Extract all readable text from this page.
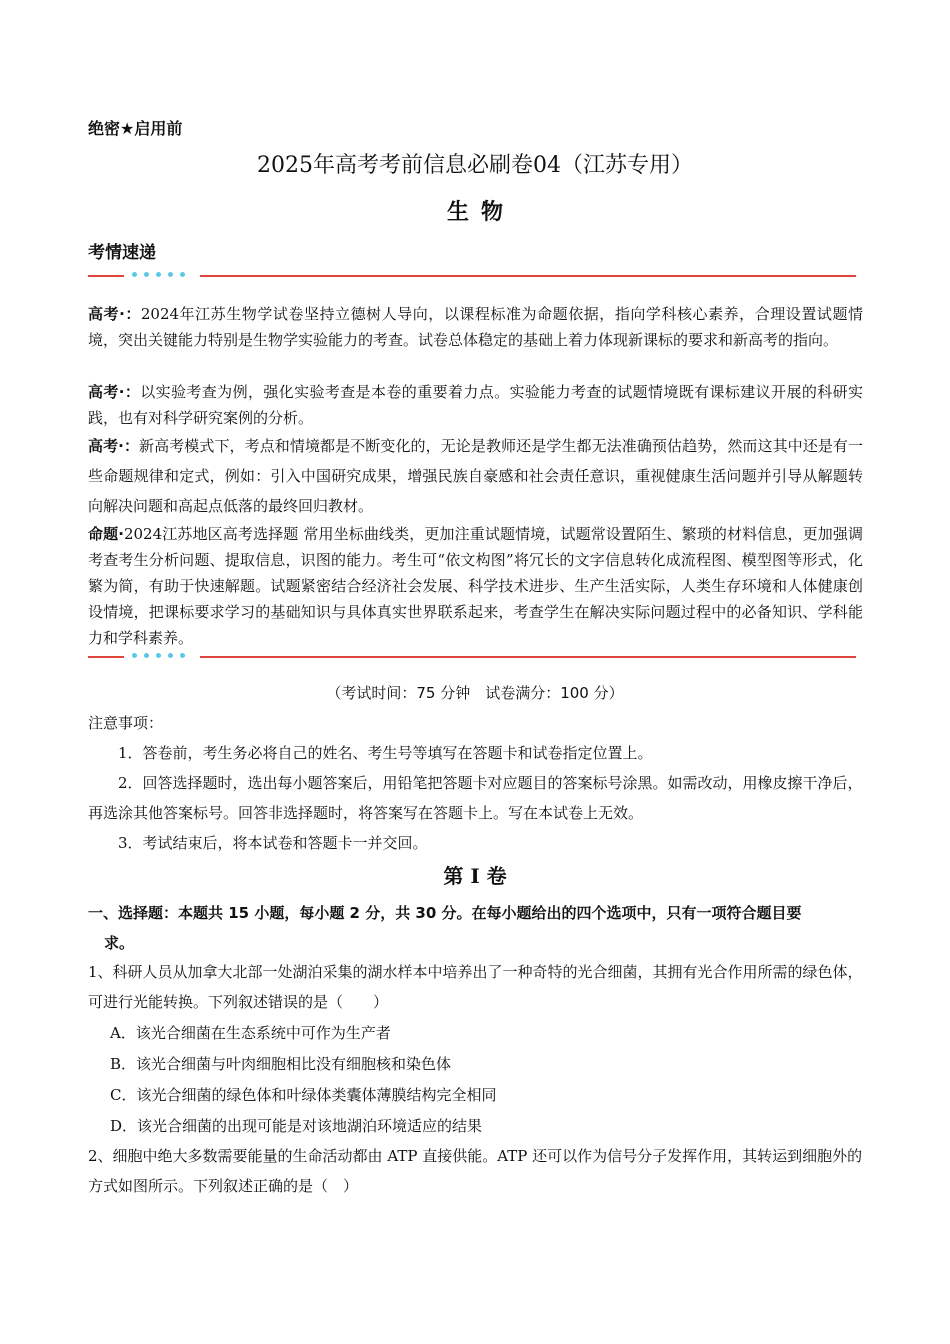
绝密★启用前
2025年高考考前信息必刷卷04（江苏专用）
生物
考情速递
高考·：2024年江苏生物学试卷坚持立德树人导向，以课程标准为命题依据，指向学科核心素养，合理设置试题情境，突出关键能力特别是生物学实验能力的考查。试卷总体稳定的基础上着力体现新课标的要求和新高考的指向。
高考·：以实验考查为例，强化实验考查是本卷的重要着力点。实验能力考查的试题情境既有课标建议开展的科研实践，也有对科学研究案例的分析。
高考·：新高考模式下，考点和情境都是不断变化的，无论是教师还是学生都无法准确预估趋势，然而这其中还是有一些命题规律和定式，例如：引入中国研究成果，增强民族自豪感和社会责任意识，重视健康生活问题并引导从解题转向解决问题和高起点低落的最终回归教材。
命题·2024江苏地区高考选择题 常用坐标曲线类，更加注重试题情境，试题常设置陌生、繁琐的材料信息，更加强调考查考生分析问题、提取信息，识图的能力。考生可“依文构图”将冗长的文字信息转化成流程图、模型图等形式，化繁为简，有助于快速解题。试题紧密结合经济社会发展、科学技术进步、生产生活实际，人类生存环境和人体健康创设情境，把课标要求学习的基础知识与具体真实世界联系起来，考查学生在解决实际问题过程中的必备知识、学科能力和学科素养。
（考试时间：75 分钟　试卷满分：100 分）
注意事项：
1．答卷前，考生务必将自己的姓名、考生号等填写在答题卡和试卷指定位置上。
2．回答选择题时，选出每小题答案后，用铅笔把答题卡对应题目的答案标号涂黑。如需改动，用橡皮擦干净后，再选涂其他答案标号。回答非选择题时，将答案写在答题卡上。写在本试卷上无效。
3．考试结束后，将本试卷和答题卡一并交回。
第 I 卷
一、选择题：本题共 15 小题，每小题 2 分，共 30 分。在每小题给出的四个选项中，只有一项符合题目要
求。
1、科研人员从加拿大北部一处湖泊采集的湖水样本中培养出了一种奇特的光合细菌，其拥有光合作用所需的绿色体，可进行光能转换。下列叙述错误的是（　　）
A．该光合细菌在生态系统中可作为生产者
B．该光合细菌与叶肉细胞相比没有细胞核和染色体
C．该光合细菌的绿色体和叶绿体类囊体薄膜结构完全相同
D．该光合细菌的出现可能是对该地湖泊环境适应的结果
2、细胞中绝大多数需要能量的生命活动都由 ATP 直接供能。ATP 还可以作为信号分子发挥作用，其转运到细胞外的方式如图所示。下列叙述正确的是（　）
